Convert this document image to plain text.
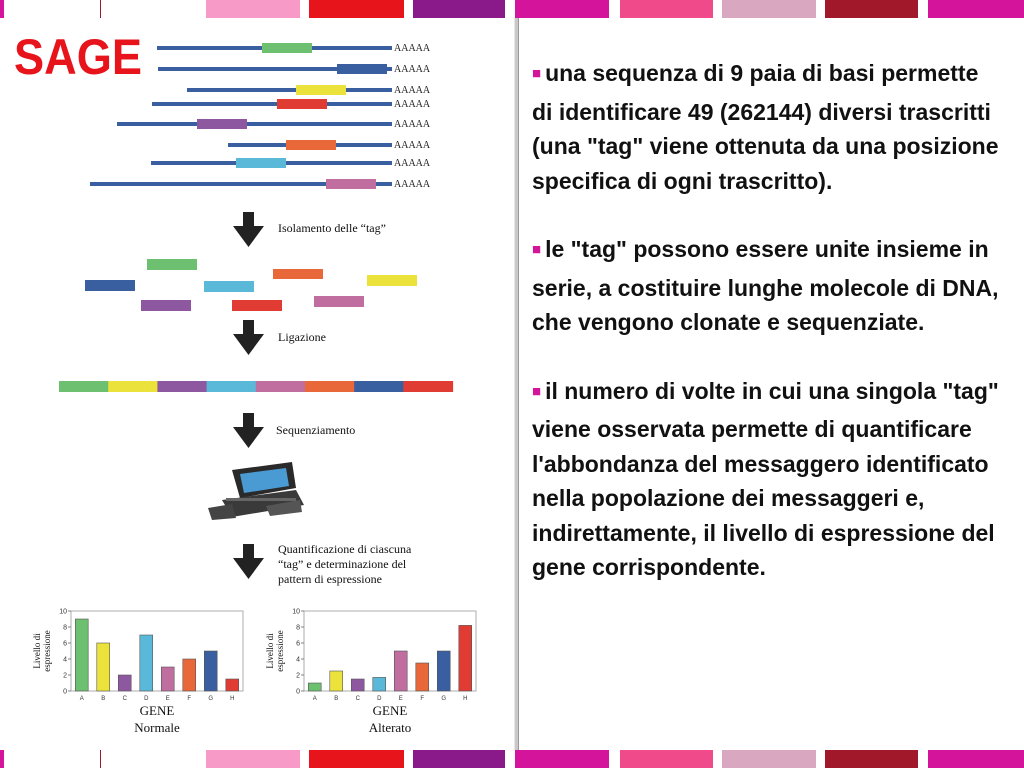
SAGE	AAAAA
AAAAA
AAAAA
AAAAA
AAAAA
AAAAA
AAAAA
AAAAA
Isolamento delle “tag”
Ligazione
Sequenziamento
Quantificazione di ciascuna
“tag” e determinazione del
pattern di espressione
0
2
4
6
8
10
A	B	C	D	E	F	G	H
Livello di espressione
GENE
Normale
0
2
4
6
8
10
A	B	C	D	E	F	G	H
Livello di espressione
GENE
Alterato

■ una sequenza di 9 paia di basi permette di identificare 49 (262144) diversi trascritti (una "tag" viene ottenuta da una posizione specifica di ogni trascritto).

■ le "tag" possono essere unite insieme in serie, a costituire lunghe molecole di DNA, che vengono clonate e sequenziate.

■ il numero di volte in cui una singola "tag" viene osservata permette di quantificare l'abbondanza del messaggero identificato nella popolazione dei messaggeri e, indirettamente, il livello di espressione del gene corrispondente.
